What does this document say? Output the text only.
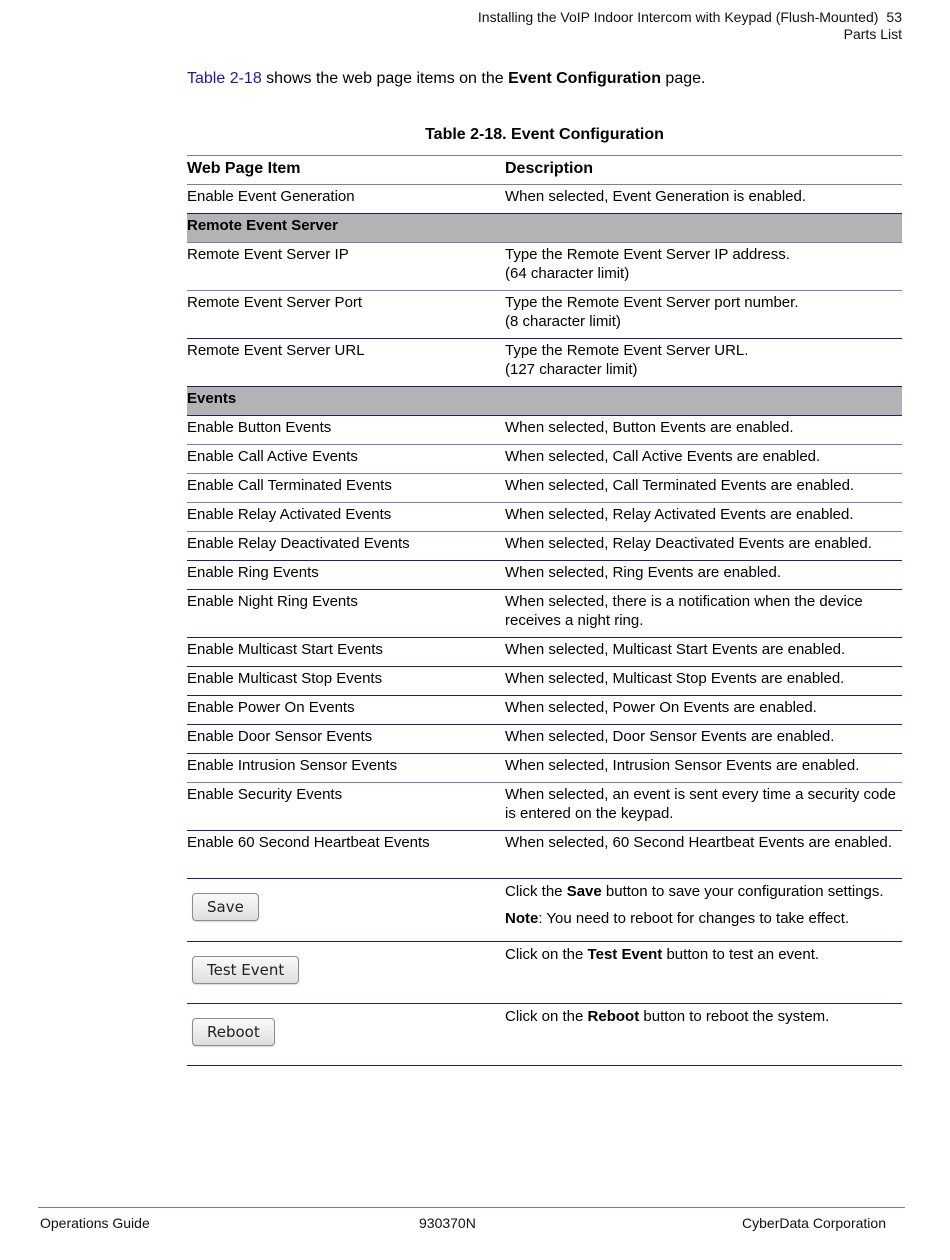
Installing the VoIP Indoor Intercom with Keypad (Flush-Mounted) 53
Parts List
Table 2-18 shows the web page items on the Event Configuration page.
Table 2-18. Event Configuration
Web Page Item	Description
Enable Event Generation	When selected, Event Generation is enabled.
Remote Event Server	
Remote Event Server IP	Type the Remote Event Server IP address.
(64 character limit)

Remote Event Server Port	Type the Remote Event Server port number.
(8 character limit)

Remote Event Server URL	Type the Remote Event Server URL.
(127 character limit)

Events	
Enable Button Events	When selected, Button Events are enabled.
Enable Call Active Events	When selected, Call Active Events are enabled.
Enable Call Terminated Events	When selected, Call Terminated Events are enabled.
Enable Relay Activated Events	When selected, Relay Activated Events are enabled.
Enable Relay Deactivated Events	When selected, Relay Deactivated Events are enabled.
Enable Ring Events	When selected, Ring Events are enabled.
Enable Night Ring Events	When selected, there is a notification when the device receives a night ring.
Enable Multicast Start Events	When selected, Multicast Start Events are enabled.
Enable Multicast Stop Events	When selected, Multicast Stop Events are enabled.
Enable Power On Events	When selected, Power On Events are enabled.
Enable Door Sensor Events	When selected, Door Sensor Events are enabled.
Enable Intrusion Sensor Events	When selected, Intrusion Sensor Events are enabled.
Enable Security Events	When selected, an event is sent every time a security code is entered on the keypad.
Enable 60 Second Heartbeat Events	When selected, 60 Second Heartbeat Events are enabled.
Save	Click the Save button to save your configuration settings.
Note: You need to reboot for changes to take effect.

Test Event	Click on the Test Event button to test an event.
Reboot	Click on the Reboot button to reboot the system.
Operations Guide	930370N	CyberData Corporation
